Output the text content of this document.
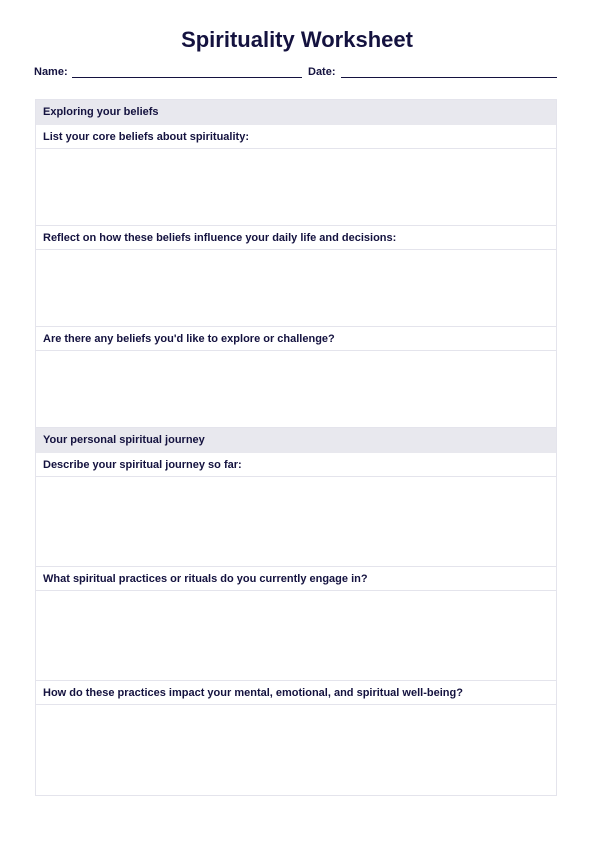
Spirituality Worksheet
Name:	Date:
Exploring your beliefs
List your core beliefs about spirituality:
Reflect on how these beliefs influence your daily life and decisions:
Are there any beliefs you'd like to explore or challenge?
Your personal spiritual journey
Describe your spiritual journey so far:
What spiritual practices or rituals do you currently engage in?
How do these practices impact your mental, emotional, and spiritual well-being?
